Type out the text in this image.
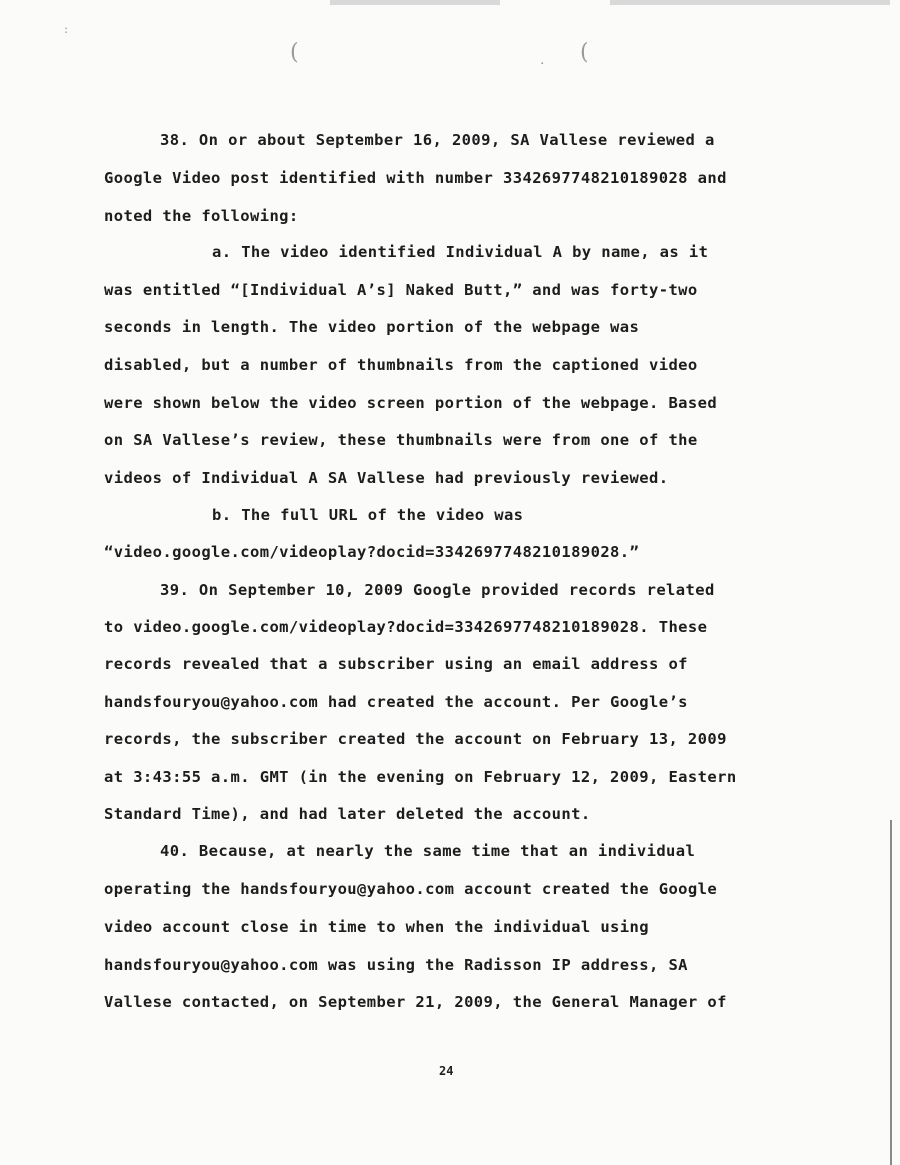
(	(
.
:

38. On or about September 16, 2009, SA Vallese reviewed a

Google Video post identified with number 3342697748210189028 and

noted the following:

a. The video identified Individual A by name, as it

was entitled “[Individual A’s] Naked Butt,” and was forty-two

seconds in length. The video portion of the webpage was

disabled, but a number of thumbnails from the captioned video

were shown below the video screen portion of the webpage. Based

on SA Vallese’s review, these thumbnails were from one of the

videos of Individual A SA Vallese had previously reviewed.

b. The full URL of the video was

“video.google.com/videoplay?docid=3342697748210189028.”

39. On September 10, 2009 Google provided records related

to video.google.com/videoplay?docid=3342697748210189028. These

records revealed that a subscriber using an email address of

handsfouryou@yahoo.com had created the account. Per Google’s

records, the subscriber created the account on February 13, 2009

at 3:43:55 a.m. GMT (in the evening on February 12, 2009, Eastern

Standard Time), and had later deleted the account.

40. Because, at nearly the same time that an individual

operating the handsfouryou@yahoo.com account created the Google

video account close in time to when the individual using

handsfouryou@yahoo.com was using the Radisson IP address, SA

Vallese contacted, on September 21, 2009, the General Manager of

24
